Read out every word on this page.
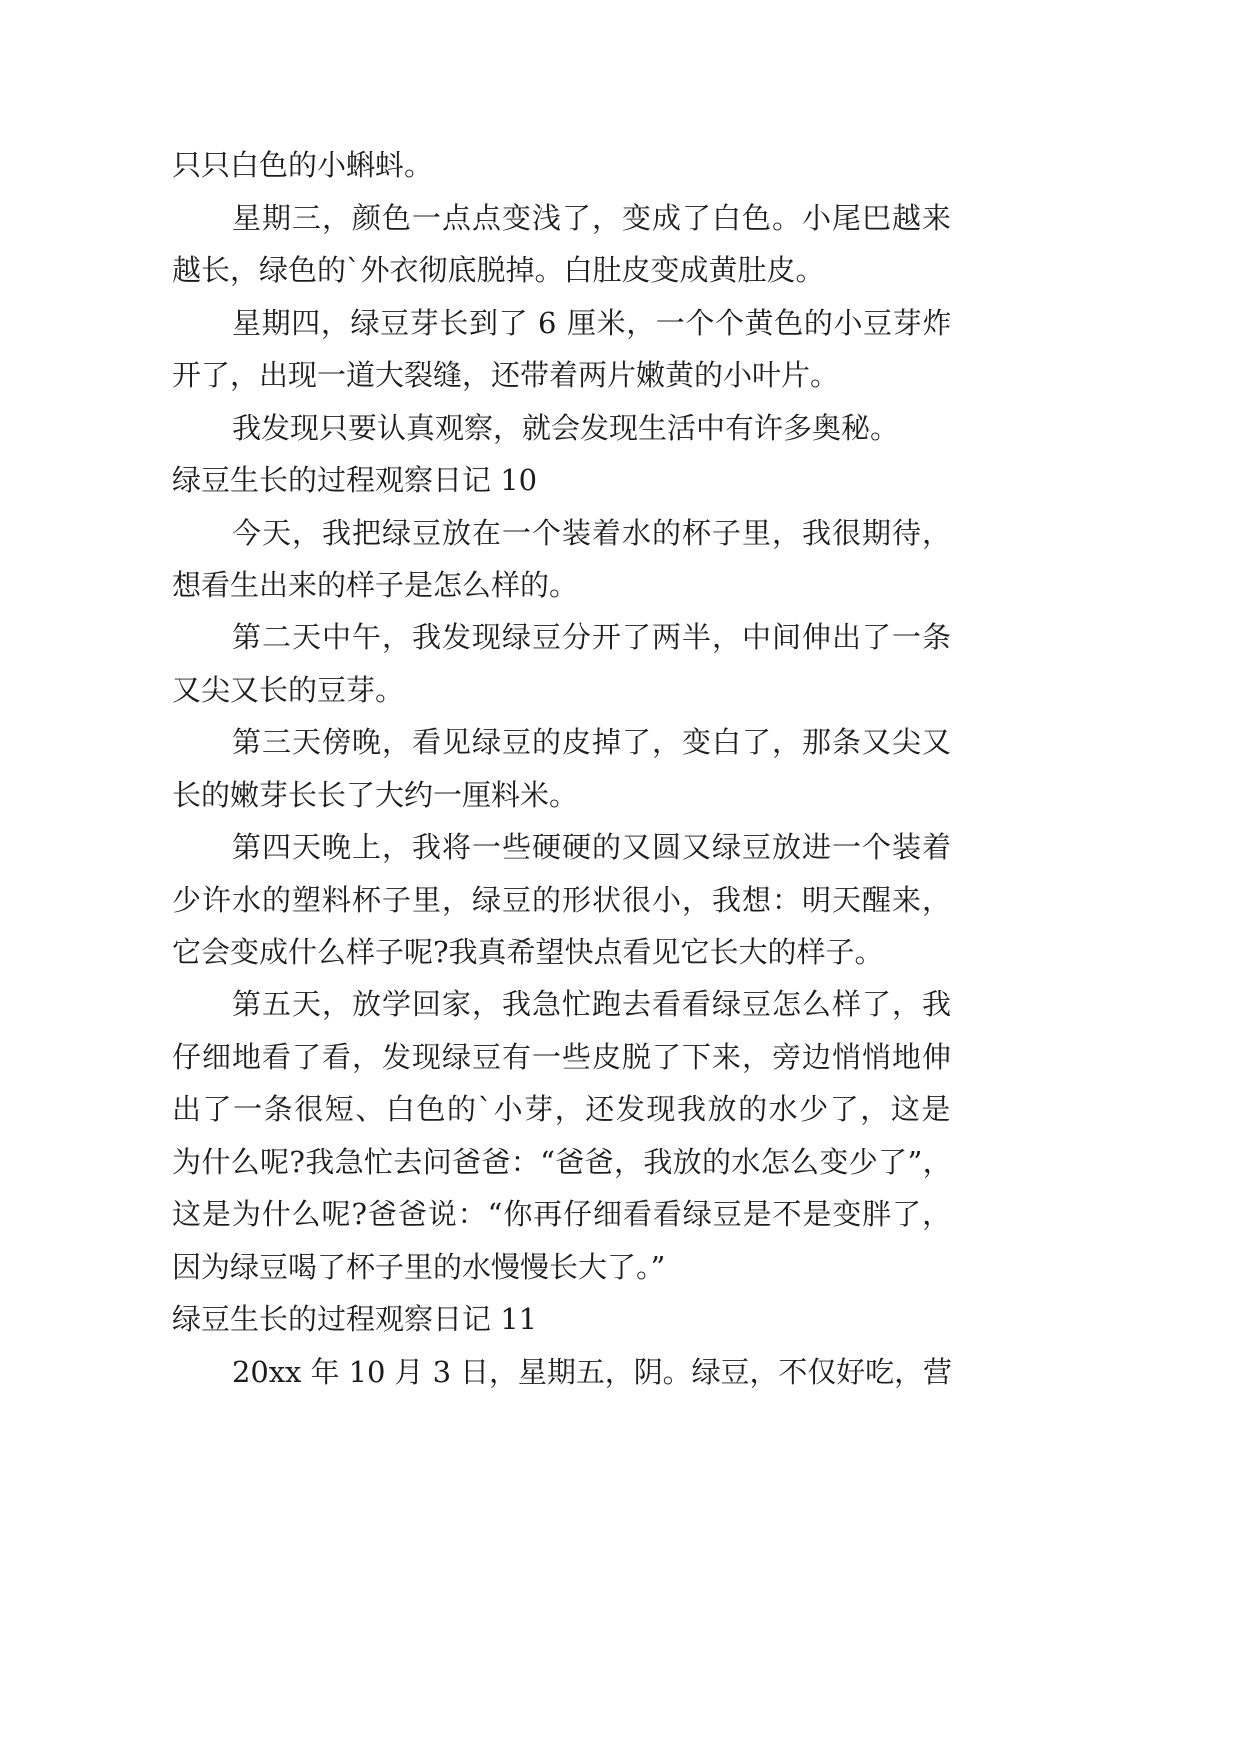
只只白色的小蝌蚪。
星期三，颜色一点点变浅了，变成了白色。小尾巴越来
越长，绿色的`外衣彻底脱掉。白肚皮变成黄肚皮。
星期四，绿豆芽长到了 6 厘米，一个个黄色的小豆芽炸
开了，出现一道大裂缝，还带着两片嫩黄的小叶片。
我发现只要认真观察，就会发现生活中有许多奥秘。
绿豆生长的过程观察日记 10
今天，我把绿豆放在一个装着水的杯子里，我很期待，
想看生出来的样子是怎么样的。
第二天中午，我发现绿豆分开了两半，中间伸出了一条
又尖又长的豆芽。
第三天傍晚，看见绿豆的皮掉了，变白了，那条又尖又
长的嫩芽长长了大约一厘料米。
第四天晚上，我将一些硬硬的又圆又绿豆放进一个装着
少许水的塑料杯子里，绿豆的形状很小，我想：明天醒来，
它会变成什么样子呢?我真希望快点看见它长大的样子。
第五天，放学回家，我急忙跑去看看绿豆怎么样了，我
仔细地看了看，发现绿豆有一些皮脱了下来，旁边悄悄地伸
出了一条很短、白色的`小芽，还发现我放的水少了，这是
为什么呢?我急忙去问爸爸：“爸爸，我放的水怎么变少了”，
这是为什么呢?爸爸说：“你再仔细看看绿豆是不是变胖了，
因为绿豆喝了杯子里的水慢慢长大了。”
绿豆生长的过程观察日记 11
20xx 年 10 月 3 日，星期五，阴。绿豆，不仅好吃，营
